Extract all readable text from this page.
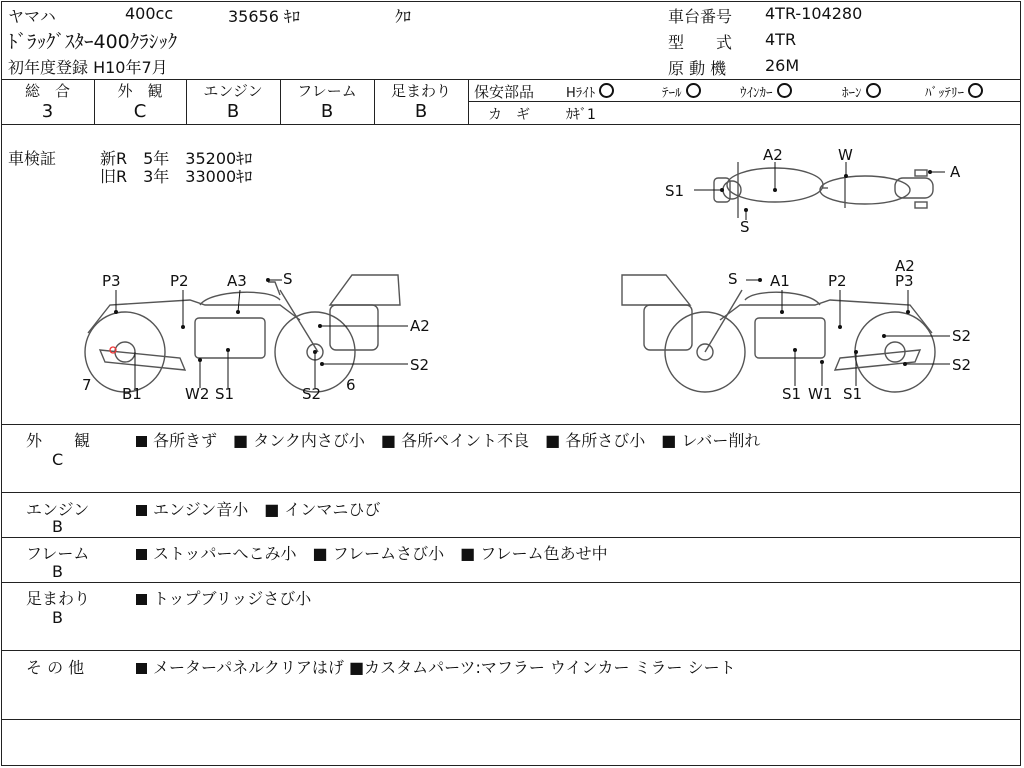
ヤマハ	400cc	35656 ｷﾛ	ｸﾛ
ﾄﾞﾗｯｸﾞｽﾀｰ400ｸﾗｼｯｸ
初年度登録 H10年7月
車台番号 4TR-104280
型　　式 4TR
原 動 機 26M
総　合	外　観	エンジン	フレーム	足まわり
3	C	B	B	B
保安部品 Hﾗｲﾄ	ﾃｰﾙ	ｳｲﾝｶｰ	ﾎｰﾝ	ﾊﾞｯﾃﾘｰ
カ　ギ	ｶｷﾞ1
車検証	新R　5年　35200ｷﾛ
旧R　3年　33000ｷﾛ
A2	W
S1
A
S
P3	P2	A3 S
A2
S2
7 B1	W2 S1	S2 6
S A1	P2
A2
P3
S2
S2
S1 W1 S1
外　　観
C
各所きず　■ タンク内さび小　■ 各所ペイント不良　■ 各所さび小　■ レバー削れ
エンジン
B
エンジン音小　■ インマニひび
フレーム
B
ストッパーへこみ小　■ フレームさび小　■ フレーム色あせ中
足まわり
B
トップブリッジさび小
そ の 他	メーターパネルクリアはげ ■カスタムパーツ:マフラー ウインカー ミラー シート
